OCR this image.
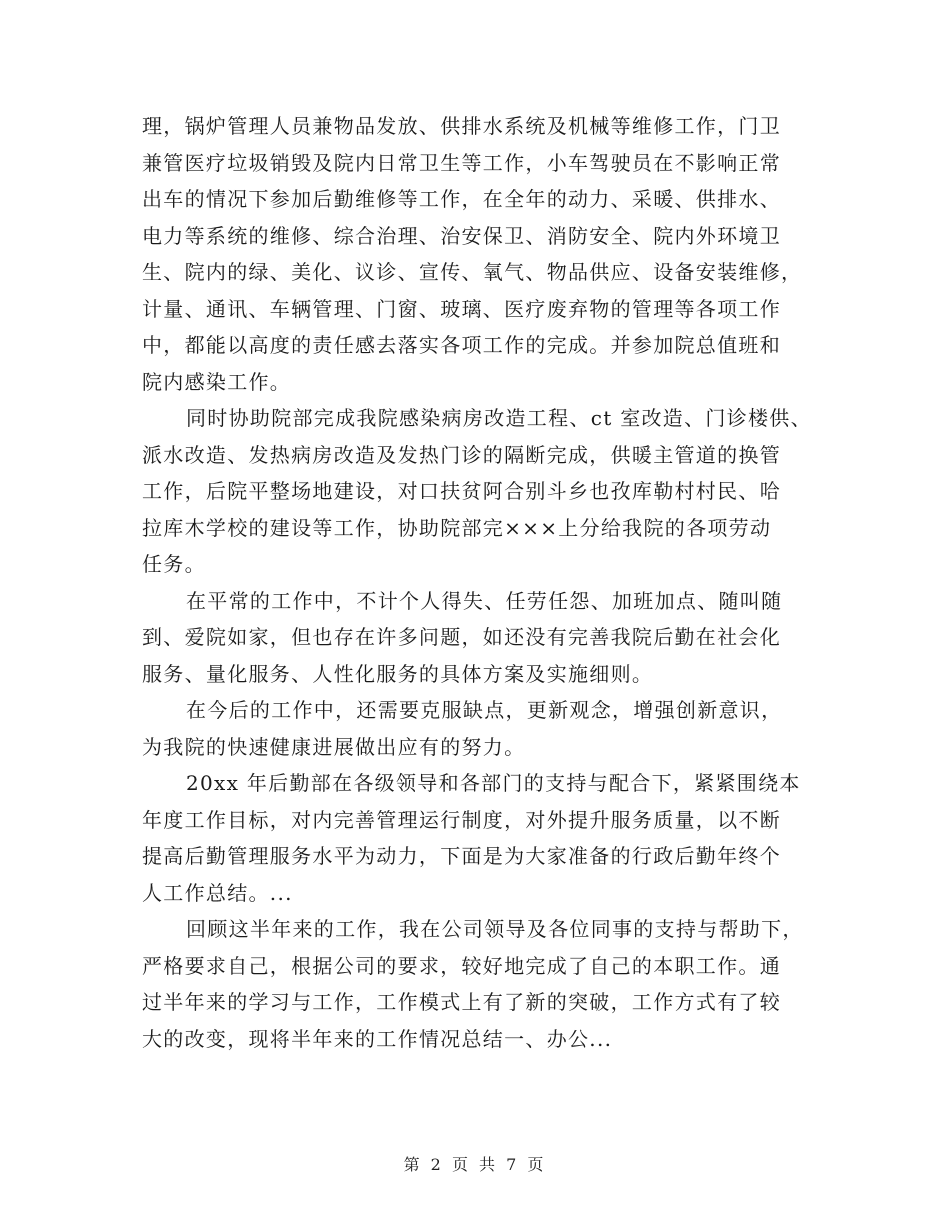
理，锅炉管理人员兼物品发放、供排水系统及机械等维修工作，门卫
兼管医疗垃圾销毁及院内日常卫生等工作，小车驾驶员在不影响正常
出车的情况下参加后勤维修等工作，在全年的动力、采暖、供排水、
电力等系统的维修、综合治理、治安保卫、消防安全、院内外环境卫
生、院内的绿、美化、议诊、宣传、氧气、物品供应、设备安装维修，
计量、通讯、车辆管理、门窗、玻璃、医疗废弃物的管理等各项工作
中，都能以高度的责任感去落实各项工作的完成。并参加院总值班和
院内感染工作。
同时协助院部完成我院感染病房改造工程、ct 室改造、门诊楼供、
派水改造、发热病房改造及发热门诊的隔断完成，供暖主管道的换管
工作，后院平整场地建设，对口扶贫阿合别斗乡也孜库勒村村民、哈
拉库木学校的建设等工作，协助院部完×××上分给我院的各项劳动
任务。
在平常的工作中，不计个人得失、任劳任怨、加班加点、随叫随
到、爱院如家，但也存在许多问题，如还没有完善我院后勤在社会化
服务、量化服务、人性化服务的具体方案及实施细则。
在今后的工作中，还需要克服缺点，更新观念，增强创新意识，
为我院的快速健康进展做出应有的努力。
20xx 年后勤部在各级领导和各部门的支持与配合下，紧紧围绕本
年度工作目标，对内完善管理运行制度，对外提升服务质量，以不断
提高后勤管理服务水平为动力，下面是为大家准备的行政后勤年终个
人工作总结。...
回顾这半年来的工作，我在公司领导及各位同事的支持与帮助下，
严格要求自己，根据公司的要求，较好地完成了自己的本职工作。通
过半年来的学习与工作，工作模式上有了新的突破，工作方式有了较
大的改变，现将半年来的工作情况总结一、办公...
第 2 页 共 7 页
